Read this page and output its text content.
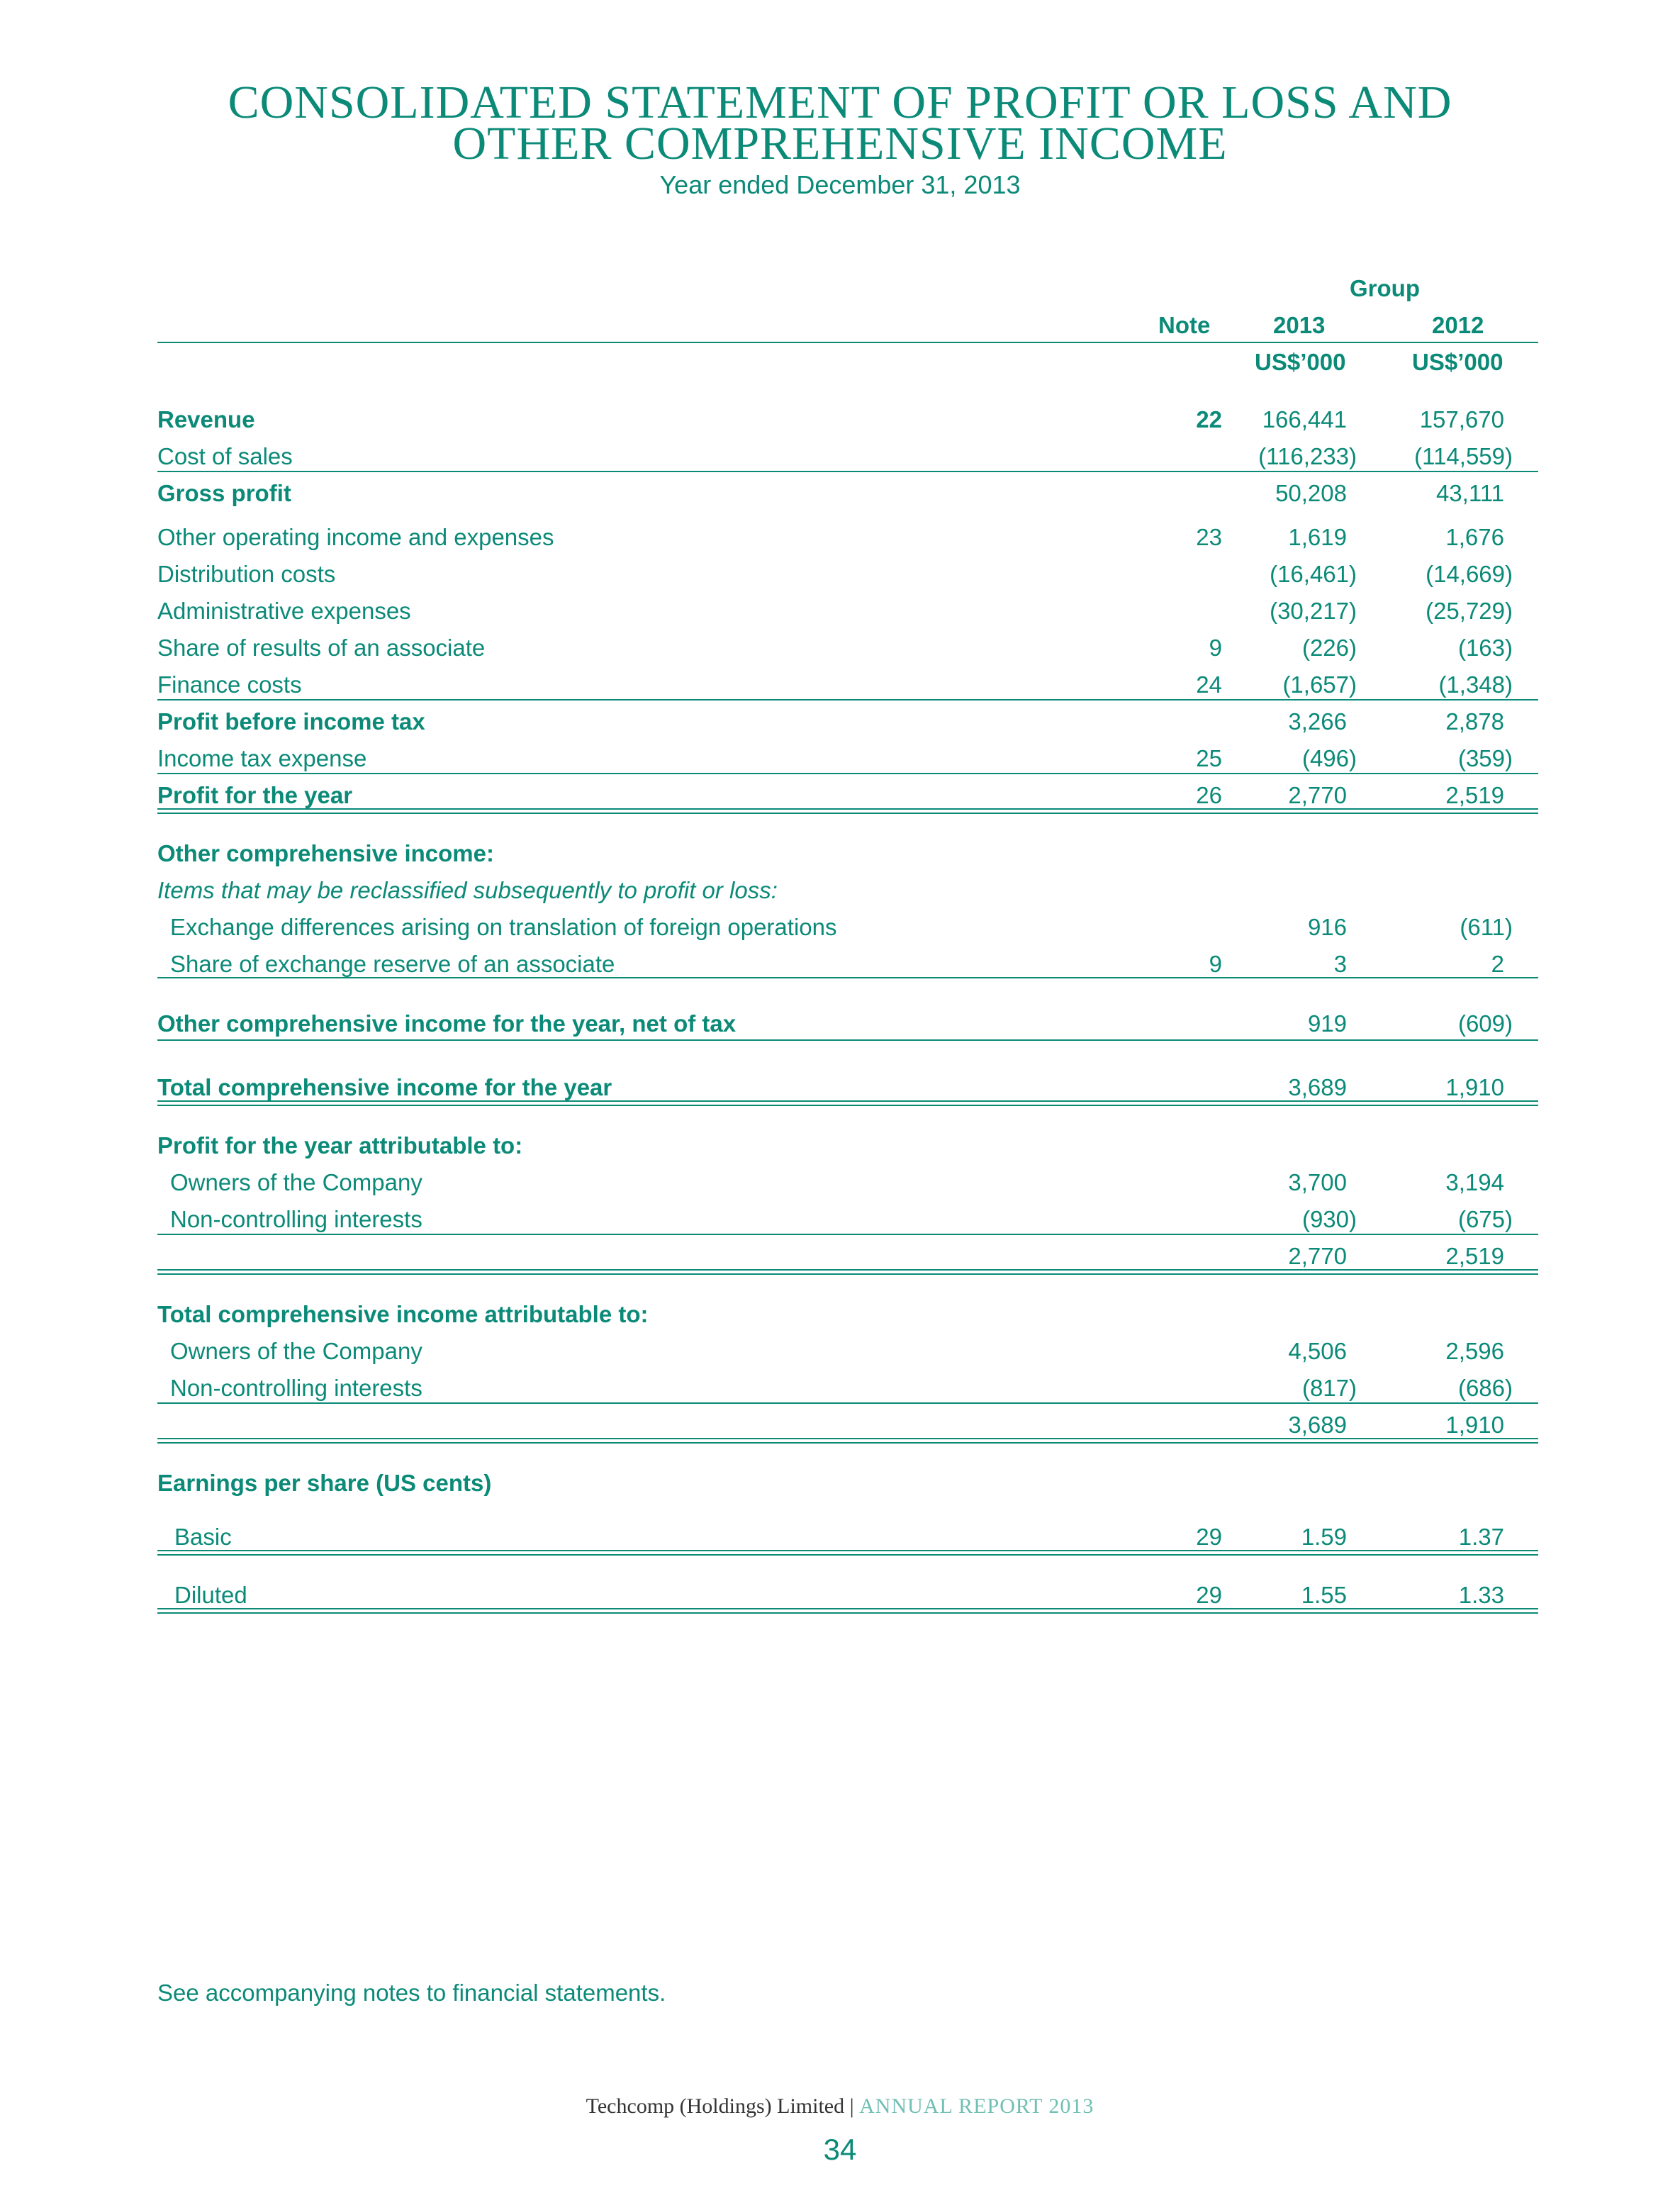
CONSOLIDATED STATEMENT OF PROFIT OR LOSS AND
OTHER COMPREHENSIVE INCOME
Year ended December 31, 2013
Group
Note	2013	2012
US$’000	US$’000
Revenue	22 166,441	157,670
Cost of sales	(116,233) (114,559)
Gross profit	50,208	43,111
Other operating income and expenses	23	1,619	1,676
Distribution costs	(16,461)	(14,669)
Administrative expenses	(30,217)	(25,729)
Share of results of an associate	9	(226)	(163)
Finance costs	24	(1,657)	(1,348)
Profit before income tax	3,266	2,878
Income tax expense	25	(496)	(359)
Profit for the year	26	2,770	2,519
Other comprehensive income:
Items that may be reclassified subsequently to profit or loss:
Exchange differences arising on translation of foreign operations	916	(611)
Share of exchange reserve of an associate	9	3	2
Other comprehensive income for the year, net of tax	919	(609)
Total comprehensive income for the year	3,689	1,910
Profit for the year attributable to:
Owners of the Company	3,700	3,194
Non-controlling interests	(930)	(675)
2,770	2,519
Total comprehensive income attributable to:
Owners of the Company	4,506	2,596
Non-controlling interests	(817)	(686)
3,689	1,910
Earnings per share (US cents)
Basic	29	1.59	1.37
Diluted	29	1.55	1.33
See accompanying notes to financial statements.
Techcomp (Holdings) Limited | ANNUAL REPORT 2013
34
